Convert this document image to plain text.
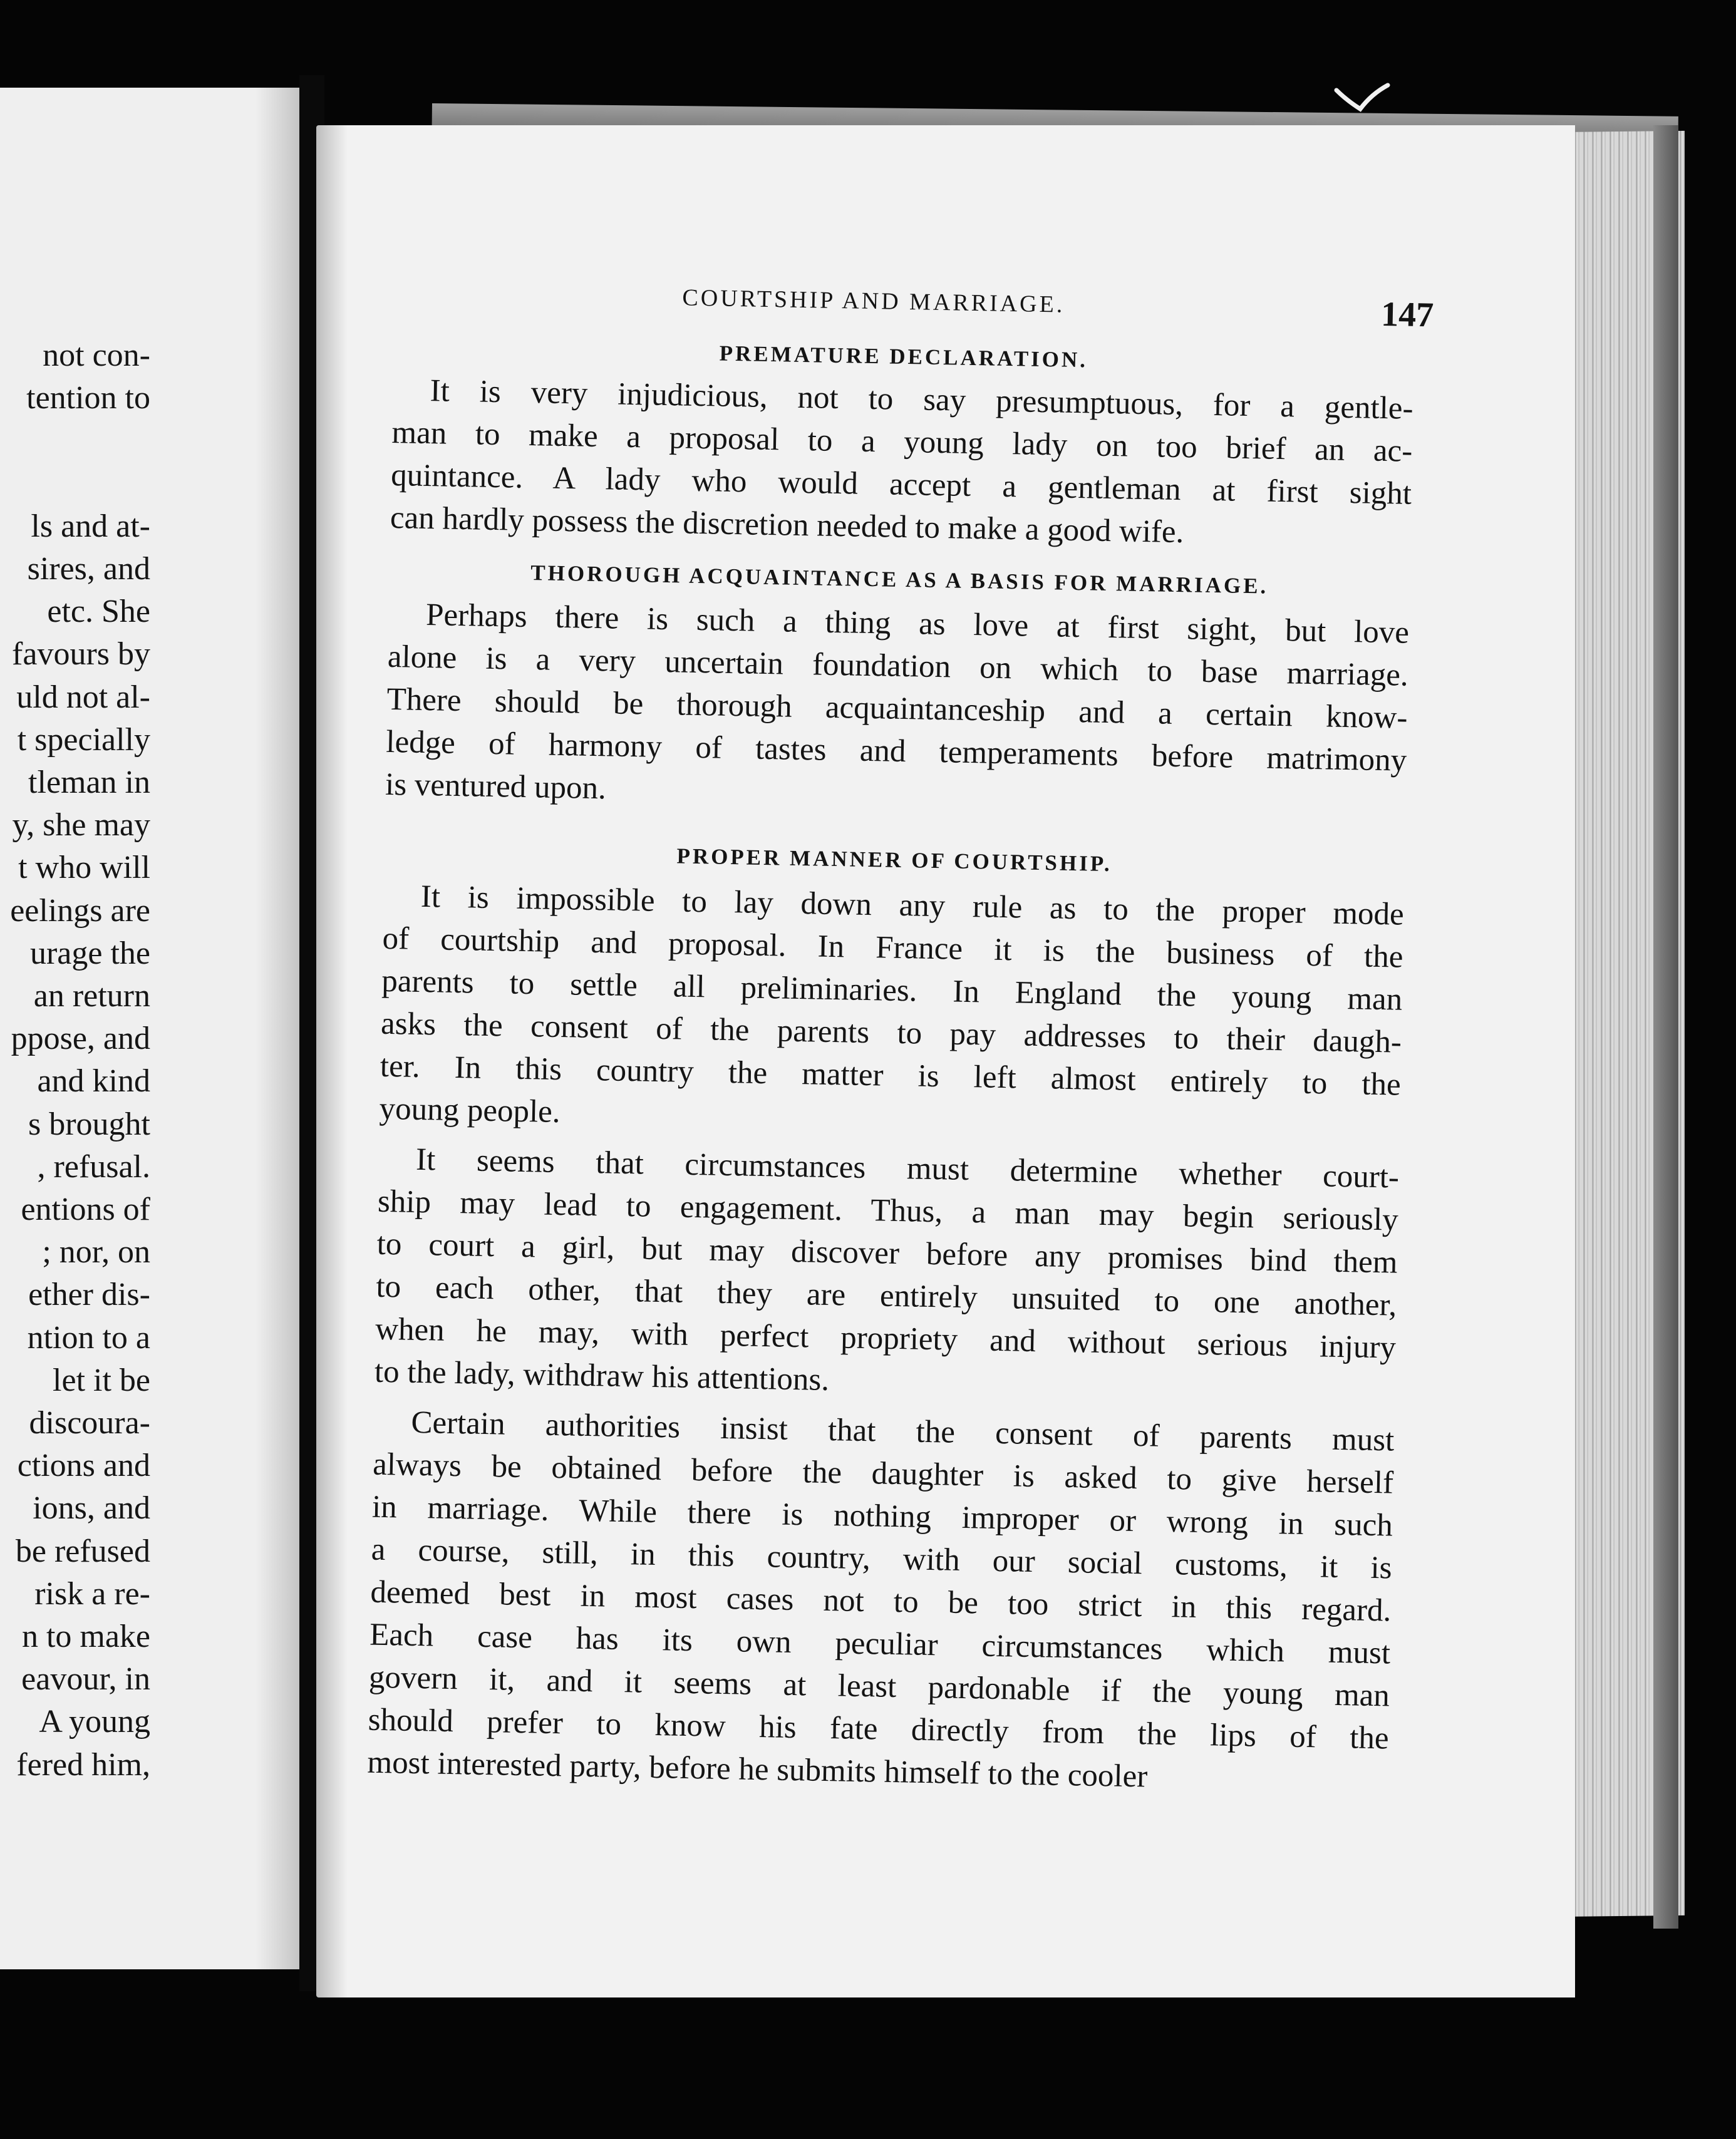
not con-
tention to
ls and at-
sires, and
etc. She
favours by
uld not al-
t specially
tleman in
y, she may
t who will
eelings are
urage the
an return
ppose, and
and kind
s brought
, refusal.
entions of
; nor, on
ether dis-
ntion to a
let it be
discoura-
ctions and
ions, and
be refused
risk a re-
n to make
eavour, in
A young
fered him,
COURTSHIP AND MARRIAGE.	147
PREMATURE DECLARATION.

It is very injudicious, not to say presumptuous, for a gentle-
man to make a proposal to a young lady on too brief an ac-
quintance. A lady who would accept a gentleman at first sight
can hardly possess the discretion needed to make a good wife.

THOROUGH ACQUAINTANCE AS A BASIS FOR MARRIAGE.

Perhaps there is such a thing as love at first sight, but love
alone is a very uncertain foundation on which to base marriage.
There should be thorough acquaintanceship and a certain know-
ledge of harmony of tastes and temperaments before matrimony
is ventured upon.

PROPER MANNER OF COURTSHIP.

It is impossible to lay down any rule as to the proper mode
of courtship and proposal. In France it is the business of the
parents to settle all preliminaries. In England the young man
asks the consent of the parents to pay addresses to their daugh-
ter. In this country the matter is left almost entirely to the
young people.

It seems that circumstances must determine whether court-
ship may lead to engagement. Thus, a man may begin seriously
to court a girl, but may discover before any promises bind them
to each other, that they are entirely unsuited to one another,
when he may, with perfect propriety and without serious injury
to the lady, withdraw his attentions.

Certain authorities insist that the consent of parents must
always be obtained before the daughter is asked to give herself
in marriage. While there is nothing improper or wrong in such
a course, still, in this country, with our social customs, it is
deemed best in most cases not to be too strict in this regard.
Each case has its own peculiar circumstances which must
govern it, and it seems at least pardonable if the young man
should prefer to know his fate directly from the lips of the
most interested party, before he submits himself to the cooler
